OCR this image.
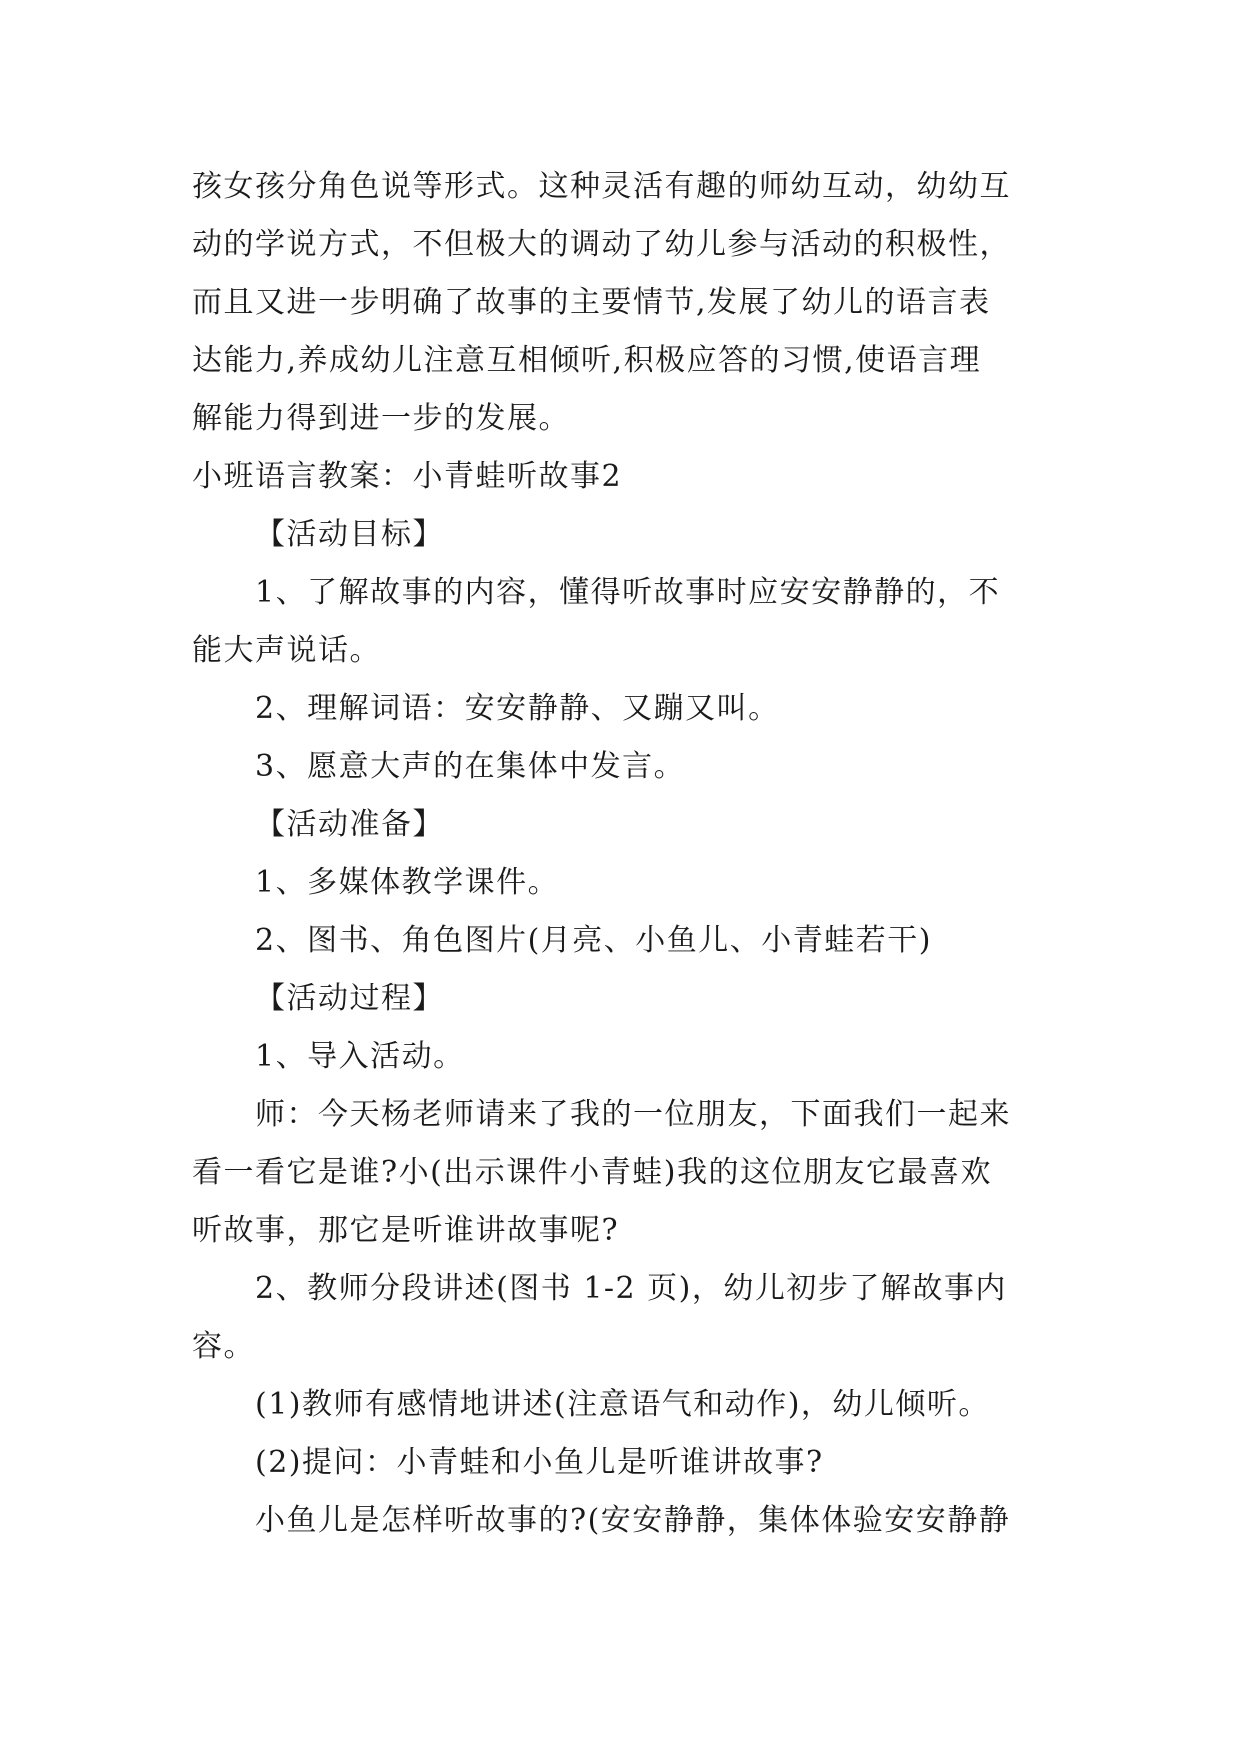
孩女孩分角色说等形式。这种灵活有趣的师幼互动，幼幼互
动的学说方式，不但极大的调动了幼儿参与活动的积极性，
而且又进一步明确了故事的主要情节,发展了幼儿的语言表
达能力,养成幼儿注意互相倾听,积极应答的习惯,使语言理
解能力得到进一步的发展。
小班语言教案：小青蛙听故事2
【活动目标】
1、了解故事的内容，懂得听故事时应安安静静的，不
能大声说话。
2、理解词语：安安静静、又蹦又叫。
3、愿意大声的在集体中发言。
【活动准备】
1、多媒体教学课件。
2、图书、角色图片(月亮、小鱼儿、小青蛙若干)
【活动过程】
1、导入活动。
师：今天杨老师请来了我的一位朋友，下面我们一起来
看一看它是谁?小(出示课件小青蛙)我的这位朋友它最喜欢
听故事，那它是听谁讲故事呢?
2、教师分段讲述(图书 1-2 页)，幼儿初步了解故事内
容。
(1)教师有感情地讲述(注意语气和动作)，幼儿倾听。
(2)提问：小青蛙和小鱼儿是听谁讲故事?
小鱼儿是怎样听故事的?(安安静静，集体体验安安静静
